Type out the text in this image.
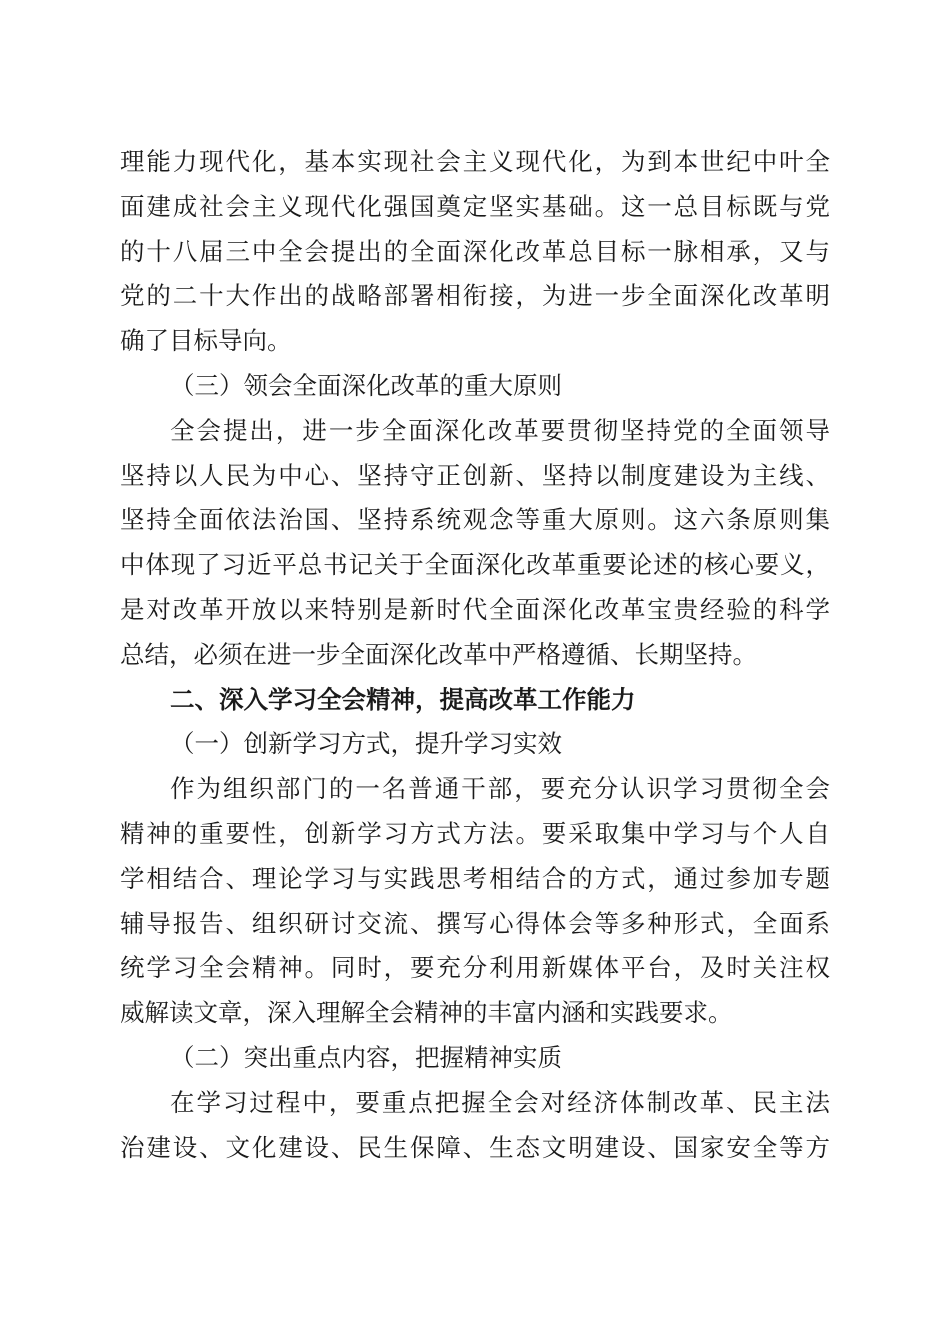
理能力现代化，基本实现社会主义现代化，为到本世纪中叶全
面建成社会主义现代化强国奠定坚实基础。这一总目标既与党
的十八届三中全会提出的全面深化改革总目标一脉相承，又与
党的二十大作出的战略部署相衔接，为进一步全面深化改革明
确了目标导向。
（三）领会全面深化改革的重大原则
全会提出，进一步全面深化改革要贯彻坚持党的全面领导
坚持以人民为中心、坚持守正创新、坚持以制度建设为主线、
坚持全面依法治国、坚持系统观念等重大原则。这六条原则集
中体现了习近平总书记关于全面深化改革重要论述的核心要义，
是对改革开放以来特别是新时代全面深化改革宝贵经验的科学
总结，必须在进一步全面深化改革中严格遵循、长期坚持。
二、深入学习全会精神，提高改革工作能力
（一）创新学习方式，提升学习实效
作为组织部门的一名普通干部，要充分认识学习贯彻全会
精神的重要性，创新学习方式方法。要采取集中学习与个人自
学相结合、理论学习与实践思考相结合的方式，通过参加专题
辅导报告、组织研讨交流、撰写心得体会等多种形式，全面系
统学习全会精神。同时，要充分利用新媒体平台，及时关注权
威解读文章，深入理解全会精神的丰富内涵和实践要求。
（二）突出重点内容，把握精神实质
在学习过程中，要重点把握全会对经济体制改革、民主法
治建设、文化建设、民生保障、生态文明建设、国家安全等方
